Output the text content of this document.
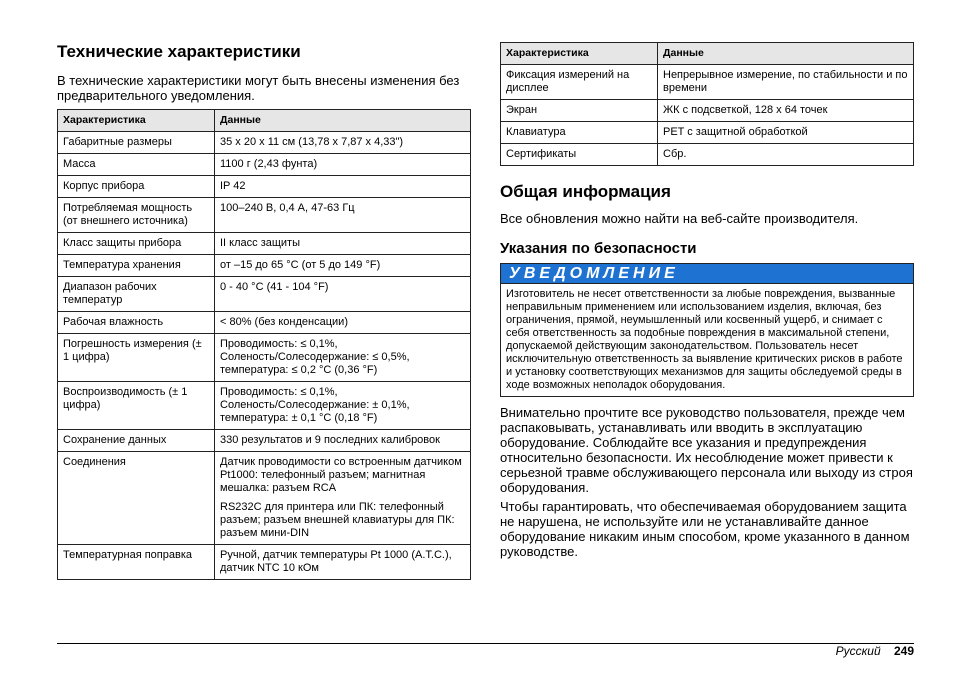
Технические характеристики

В технические характеристики могут быть внесены изменения без предварительного уведомления.

Характеристика	Данные
Габаритные размеры	35 x 20 x 11 см (13,78 x 7,87 x 4,33")
Масса	1100 г (2,43 фунта)
Корпус прибора	IP 42
Потребляемая мощность (от внешнего источника)	100–240 В, 0,4 А, 47-63 Гц
Класс защиты прибора	II класс защиты
Температура хранения	от –15 до 65 °C (от 5 до 149 °F)
Диапазон рабочих температур	0 - 40 °C (41 - 104 °F)
Рабочая влажность	< 80% (без конденсации)
Погрешность измерения (± 1 цифра)	Проводимость: ≤ 0,1%,
Соленость/Солесодержание: ≤ 0,5%,
температура: ≤ 0,2 °C (0,36 °F)
Воспроизводимость (± 1 цифра)	Проводимость: ≤ 0,1%,
Соленость/Солесодержание: ± 0,1%,
температура: ± 0,1 °C (0,18 °F)
Сохранение данных	330 результатов и 9 последних калибровок
Соединения	Датчик проводимости со встроенным датчиком Pt1000: телефонный разъем; магнитная мешалка: разъем RCA
RS232C для принтера или ПК: телефонный разъем; разъем внешней клавиатуры для ПК: разъем мини-DIN

Температурная поправка	Ручной, датчик температуры Pt 1000 (A.T.C.), датчик NTC 10 кОм
Характеристика	Данные
Фиксация измерений на дисплее	Непрерывное измерение, по стабильности и по времени
Экран	ЖК с подсветкой, 128 x 64 точек
Клавиатура	PET с защитной обработкой
Сертификаты	Сбр.
Общая информация

Все обновления можно найти на веб-сайте производителя.

Указания по безопасности
УВЕДОМЛЕНИЕ
Изготовитель не несет ответственности за любые повреждения, вызванные неправильным применением или использованием изделия, включая, без ограничения, прямой, неумышленный или косвенный ущерб, и снимает с себя ответственность за подобные повреждения в максимальной степени, допускаемой действующим законодательством. Пользователь несет исключительную ответственность за выявление критических рисков в работе и установку соответствующих механизмов для защиты обследуемой среды в ходе возможных неполадок оборудования.

Внимательно прочтите все руководство пользователя, прежде чем распаковывать, устанавливать или вводить в эксплуатацию оборудование. Соблюдайте все указания и предупреждения относительно безопасности. Их несоблюдение может привести к серьезной травме обслуживающего персонала или выходу из строя оборудования.

Чтобы гарантировать, что обеспечиваемая оборудованием защита не нарушена, не используйте или не устанавливайте данное оборудование никаким иным способом, кроме указанного в данном руководстве.

Русский 249
